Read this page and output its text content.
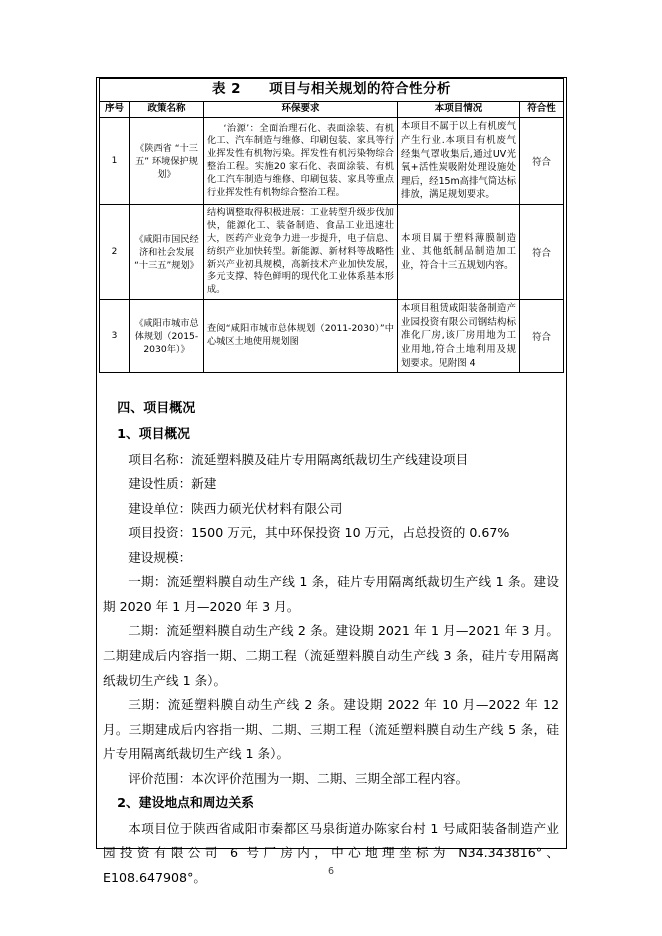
表 2　　项目与相关规划的符合性分析				
序号	政策名称	环保要求	本项目情况	符合性
1	《陕西省 “十三五” 环境保护规划》	‘治源’：全面治理石化、表面涂装、有机化工、汽车制造与维修、印刷包装、家具等行业挥发性有机物污染。挥发性有机污染物综合整治工程。实施20 家石化、表面涂装、有机化工汽车制造与维修、印刷包装、家具等重点行业挥发性有机物综合整治工程。	本项目不属于以上有机废气产生行业.本项目有机废气经集气罩收集后,通过UV光氧+活性炭吸附处理设施处理后，经15m高排气筒达标排放，满足规划要求。	符合
2	《咸阳市国民经济和社会发展“十三五”规划》	结构调整取得积极进展：工业转型升级步伐加快，能源化工、装备制造、食品工业迅速壮大，医药产业竞争力进一步提升，电子信息、纺织产业加快转型。新能源、新材料等战略性新兴产业初具规模，高新技术产业加快发展，多元支撑、特色鲜明的现代化工业体系基本形成。	本项目属于塑料薄膜制造业、其他纸制品制造加工业，符合十三五规划内容。	符合
3	《咸阳市城市总体规划（2015-2030年）》	查阅“咸阳市城市总体规划（2011-2030）”中心城区土地使用规划图	本项目租赁咸阳装备制造产业园投资有限公司钢结构标准化厂房,该厂房用地为工业用地,符合土地利用及规划要求。见附图 4	符合
四、项目概况
1、项目概况

项目名称：流延塑料膜及硅片专用隔离纸裁切生产线建设项目

建设性质：新建

建设单位：陕西力硕光伏材料有限公司

项目投资：1500 万元，其中环保投资 10 万元，占总投资的 0.67%

建设规模：

一期：流延塑料膜自动生产线 1 条，硅片专用隔离纸裁切生产线 1 条。建设期 2020 年 1 月—2020 年 3 月。

二期：流延塑料膜自动生产线 2 条。建设期 2021 年 1 月—2021 年 3 月。二期建成后内容指一期、二期工程（流延塑料膜自动生产线 3 条，硅片专用隔离纸裁切生产线 1 条）。

三期：流延塑料膜自动生产线 2 条。建设期 2022 年 10 月—2022 年 12 月。三期建成后内容指一期、二期、三期工程（流延塑料膜自动生产线 5 条，硅片专用隔离纸裁切生产线 1 条）。

评价范围：本次评价范围为一期、二期、三期全部工程内容。

2、建设地点和周边关系

本项目位于陕西省咸阳市秦都区马泉街道办陈家台村 1 号咸阳装备制造产业园投资有限公司 6 号厂房内，中心地理坐标为 N34.343816°、E108.647908°。	6
